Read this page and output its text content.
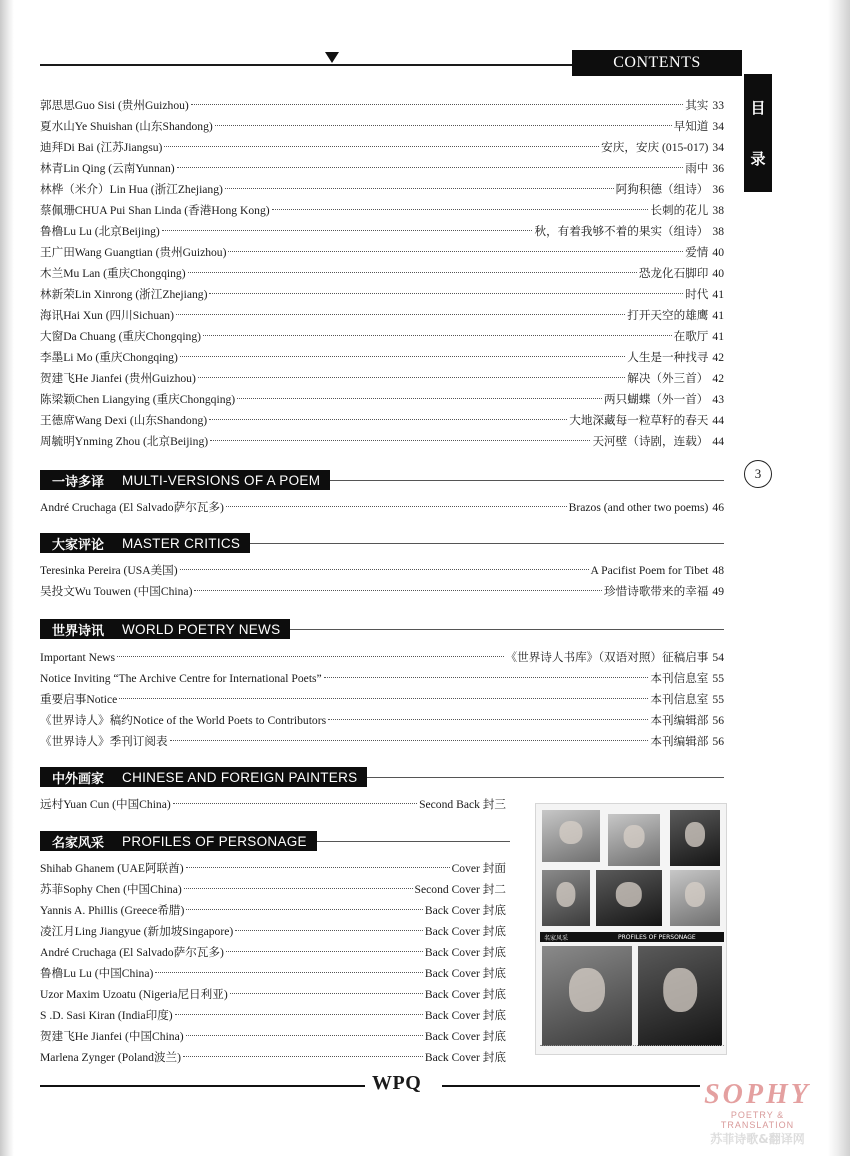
CONTENTS
目
录
3
郭思思Guo Sisi (贵州Guizhou)	其实 33
夏水山Ye Shuishan (山东Shandong)	早知道 34
迪拜Di Bai (江苏Jiangsu)	安庆，安庆 (015-017) 34
林青Lin Qing (云南Yunnan)	雨中 36
林桦（米介）Lin Hua (浙江Zhejiang)	阿狗积德（组诗） 36
蔡佩珊CHUA Pui Shan Linda (香港Hong Kong)	长刺的花儿 38
鲁橹Lu Lu (北京Beijing)	秋，有着我够不着的果实（组诗） 38
王广田Wang Guangtian (贵州Guizhou)	爱情 40
木兰Mu Lan (重庆Chongqing)	恐龙化石脚印 40
林新荣Lin Xinrong (浙江Zhejiang)	时代 41
海讯Hai Xun (四川Sichuan)	打开天空的雄鹰 41
大窗Da Chuang (重庆Chongqing)	在歌厅 41
李墨Li Mo (重庆Chongqing)	人生是一种找寻 42
贺建飞He Jianfei (贵州Guizhou)	解决（外三首） 42
陈梁颖Chen Liangying (重庆Chongqing)	两只蝴蝶（外一首） 43
王德席Wang Dexi (山东Shandong)	大地深藏每一粒草籽的春天 44
周毓明Ynming Zhou (北京Beijing)	天河壁（诗剧，连载） 44
一诗多译 MULTI-VERSIONS OF A POEM
André Cruchaga (El Salvado萨尔瓦多)	Brazos (and other two poems) 46
大家评论 MASTER CRITICS
Teresinka Pereira (USA美国)	A Pacifist Poem for Tibet 48
吴投文Wu Touwen (中国China)	珍惜诗歌带来的幸福 49
世界诗讯 WORLD POETRY NEWS
Important News	《世界诗人书库》（双语对照）征稿启事 54
Notice Inviting “The Archive Centre for International Poets”	本刊信息室 55
重要启事Notice	本刊信息室 55
《世界诗人》稿约Notice of the World Poets to Contributors	本刊编辑部 56
《世界诗人》季刊订阅表	本刊编辑部 56
中外画家 CHINESE AND FOREIGN PAINTERS
远村Yuan Cun (中国China)	Second Back 封三
名家风采 PROFILES OF PERSONAGE
Shihab Ghanem (UAE阿联酋)	Cover 封面
苏菲Sophy Chen (中国China)	Second Cover 封二
Yannis A. Phillis (Greece希腊)	Back Cover 封底
凌江月Ling Jiangyue (新加坡Singapore)	Back Cover 封底
André Cruchaga (El Salvado萨尔瓦多)	Back Cover 封底
鲁橹Lu Lu (中国China)	Back Cover 封底
Uzor Maxim Uzoatu (Nigeria尼日利亚)	Back Cover 封底
S .D. Sasi Kiran (India印度)	Back Cover 封底
贺建飞He Jianfei (中国China)	Back Cover 封底
Marlena Zynger (Poland波兰)	Back Cover 封底
名家风采	PROFILES OF PERSONAGE
WPQ	SOPHY
POETRY & TRANSLATION
苏菲诗歌&翻译网
